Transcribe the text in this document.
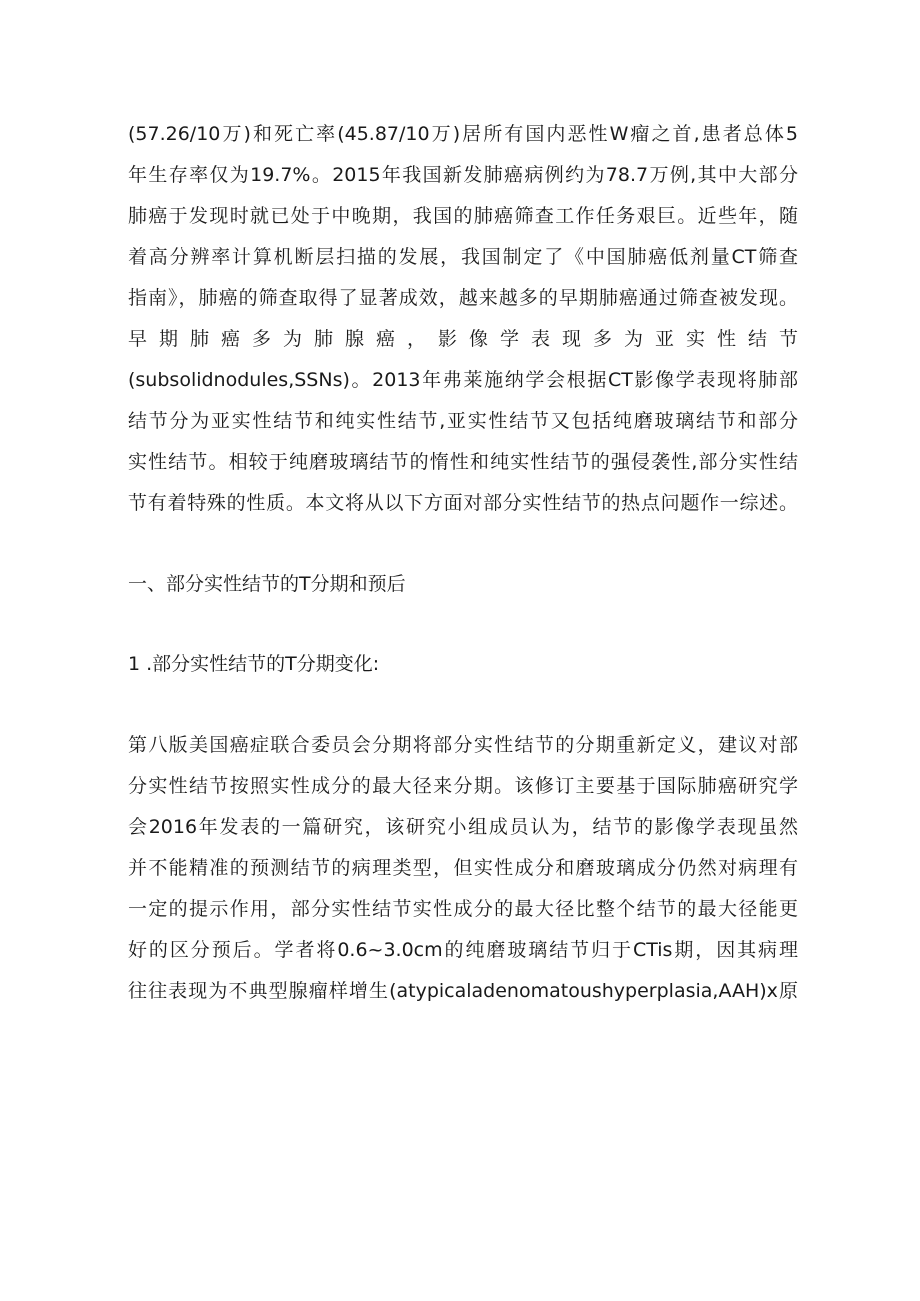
(57.26/10万)和死亡率(45.87/10万)居所有国内恶性W瘤之首,患者总体5
年生存率仅为19.7%。2015年我国新发肺癌病例约为78.7万例,其中大部分
肺癌于发现时就已处于中晚期，我国的肺癌筛查工作任务艰巨。近些年，随
着高分辨率计算机断层扫描的发展，我国制定了《中国肺癌低剂量CT筛查
指南》，肺癌的筛查取得了显著成效，越来越多的早期肺癌通过筛查被发现。
早期肺癌多为肺腺癌，影像学表现多为亚实性结节
(subsolidnodules,SSNs)。2013年弗莱施纳学会根据CT影像学表现将肺部
结节分为亚实性结节和纯实性结节,亚实性结节又包括纯磨玻璃结节和部分
实性结节。相较于纯磨玻璃结节的惰性和纯实性结节的强侵袭性,部分实性结
节有着特殊的性质。本文将从以下方面对部分实性结节的热点问题作一综述。
一、部分实性结节的T分期和预后
1 .部分实性结节的T分期变化:
第八版美国癌症联合委员会分期将部分实性结节的分期重新定义，建议对部
分实性结节按照实性成分的最大径来分期。该修订主要基于国际肺癌研究学
会2016年发表的一篇研究，该研究小组成员认为，结节的影像学表现虽然
并不能精准的预测结节的病理类型，但实性成分和磨玻璃成分仍然对病理有
一定的提示作用，部分实性结节实性成分的最大径比整个结节的最大径能更
好的区分预后。学者将0.6~3.0cm的纯磨玻璃结节归于CTis期，因其病理
往往表现为不典型腺瘤样增生(atypicaladenomatoushyperplasia,AAH)x原
